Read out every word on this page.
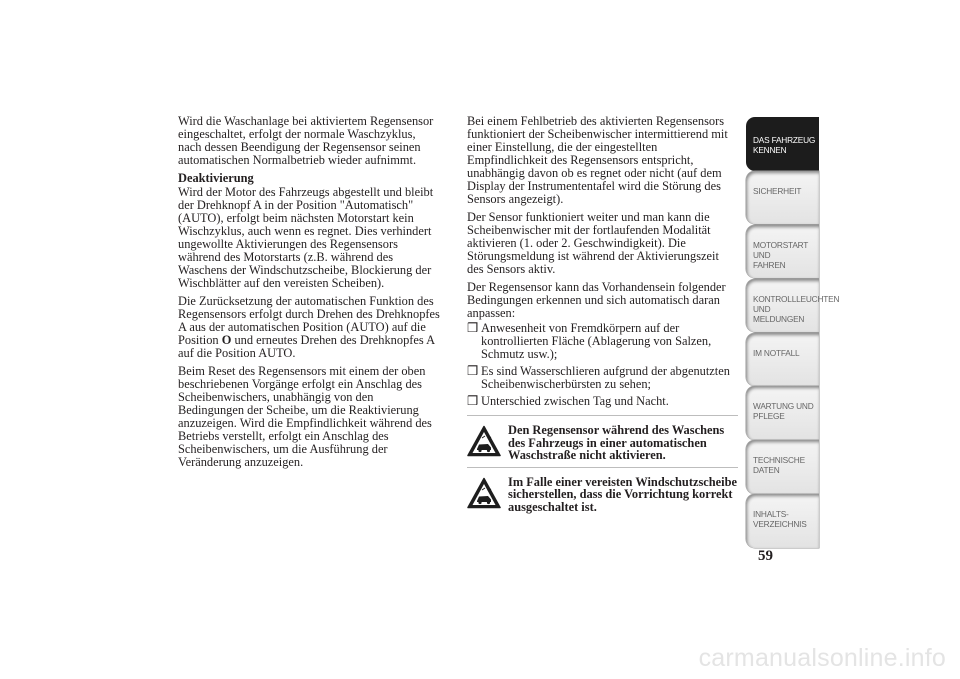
Wird die Waschanlage bei aktiviertem Regensensor eingeschaltet, erfolgt der normale Waschzyklus, nach dessen Beendigung der Regensensor seinen automatischen Normalbetrieb wieder aufnimmt.

Deaktivierung

Wird der Motor des Fahrzeugs abgestellt und bleibt der Drehknopf A in der Position "Automatisch" (AUTO), erfolgt beim nächsten Motorstart kein Wischzyklus, auch wenn es regnet. Dies verhindert ungewollte Aktivierungen des Regensensors während des Motorstarts (z.B. während des Waschens der Windschutzscheibe, Blockierung der Wischblätter auf den vereisten Scheiben).

Die Zurücksetzung der automatischen Funktion des Regensensors erfolgt durch Drehen des Drehknopfes A aus der automatischen Position (AUTO) auf die Position O und erneutes Drehen des Drehknopfes A auf die Position AUTO.

Beim Reset des Regensensors mit einem der oben beschriebenen Vorgänge erfolgt ein Anschlag des Scheibenwischers, unabhängig von den Bedingungen der Scheibe, um die Reaktivierung anzuzeigen. Wird die Empfindlichkeit während des Betriebs verstellt, erfolgt ein Anschlag des Scheibenwischers, um die Ausführung der Veränderung anzuzeigen.

Bei einem Fehlbetrieb des aktivierten Regensensors funktioniert der Scheibenwischer intermittierend mit einer Einstellung, die der eingestellten Empfindlichkeit des Regensensors entspricht, unabhängig davon ob es regnet oder nicht (auf dem Display der Instrumententafel wird die Störung des Sensors angezeigt).

Der Sensor funktioniert weiter und man kann die Scheibenwischer mit der fortlaufenden Modalität aktivieren (1. oder 2. Geschwindigkeit). Die Störungsmeldung ist während der Aktivierungszeit des Sensors aktiv.

Der Regensensor kann das Vorhandensein folgender Bedingungen erkennen und sich automatisch daran anpassen:

❒ Anwesenheit von Fremdkörpern auf der kontrollierten Fläche (Ablagerung von Salzen, Schmutz usw.);
❒ Es sind Wasserschlieren aufgrund der abgenutzten Scheibenwischerbürsten zu sehen;
❒ Unterschied zwischen Tag und Nacht.
Den Regensensor während des Waschens des Fahrzeugs in einer automatischen Waschstraße nicht aktivieren.
Im Falle einer vereisten Windschutzscheibe sicherstellen, dass die Vorrichtung korrekt ausgeschaltet ist.
DAS FAHRZEUG
KENNEN
SICHERHEIT

MOTORSTART UND
FAHREN
KONTROLLLEUCHTEN
UND MELDUNGEN
IM NOTFALL

WARTUNG UND
PFLEGE
TECHNISCHE
DATEN
INHALTS-
VERZEICHNIS
59
carmanualsonline.info
